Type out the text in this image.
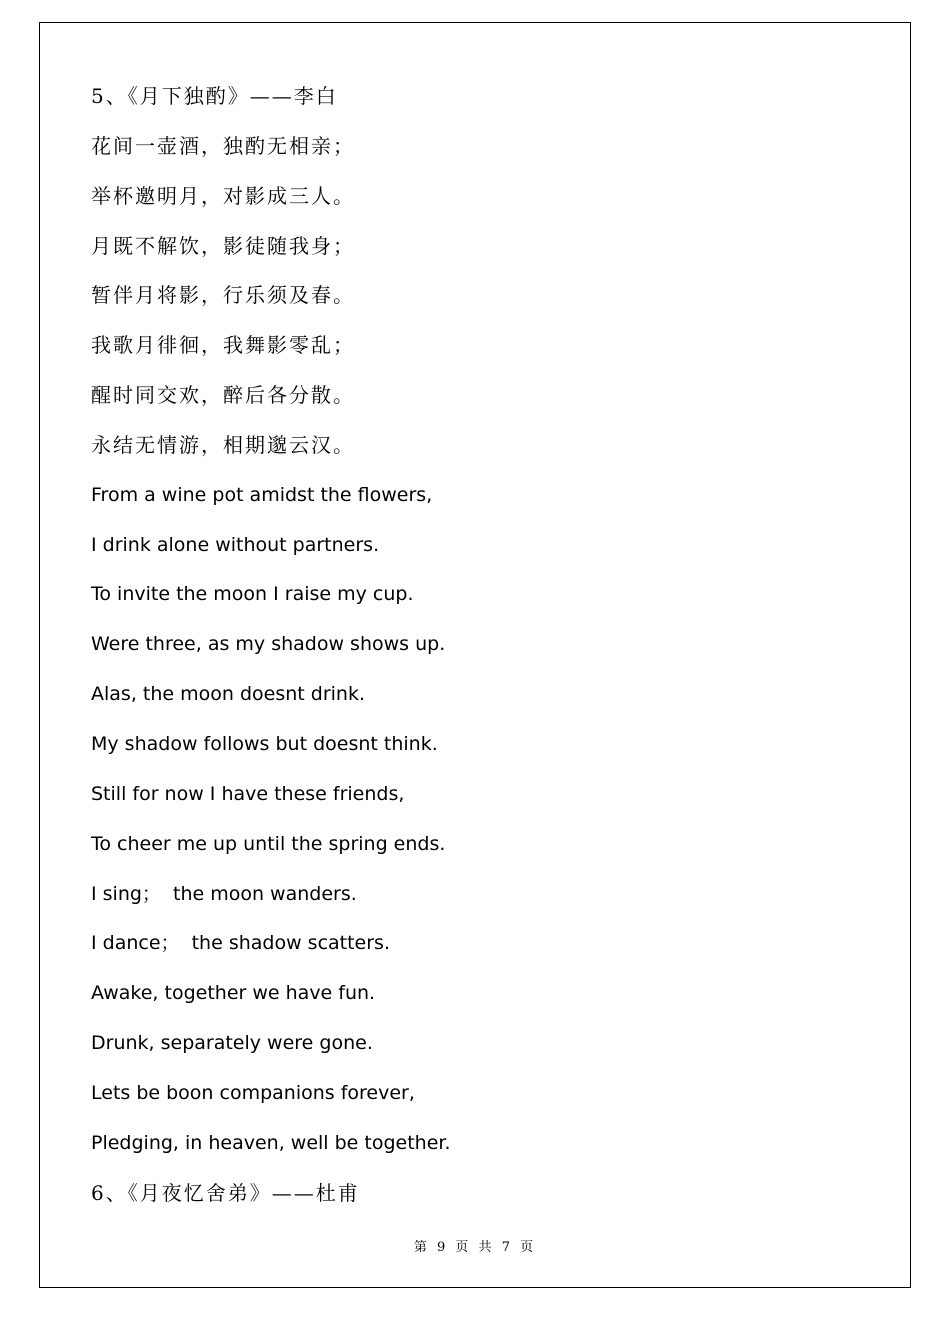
5、《月下独酌》——李白
花间一壶酒，独酌无相亲；
举杯邀明月，对影成三人。
月既不解饮，影徒随我身；
暂伴月将影，行乐须及春。
我歌月徘徊，我舞影零乱；
醒时同交欢，醉后各分散。
永结无情游，相期邈云汉。
From a wine pot amidst the flowers,
I drink alone without partners.
To invite the moon I raise my cup.
Were three, as my shadow shows up.
Alas, the moon doesnt drink.
My shadow follows but doesnt think.
Still for now I have these friends,
To cheer me up until the spring ends.
I sing；  the moon wanders.
I dance；  the shadow scatters.
Awake, together we have fun.
Drunk, separately were gone.
Lets be boon companions forever,
Pledging, in heaven, well be together.
6、《月夜忆舍弟》——杜甫
第 9 页 共 7 页
